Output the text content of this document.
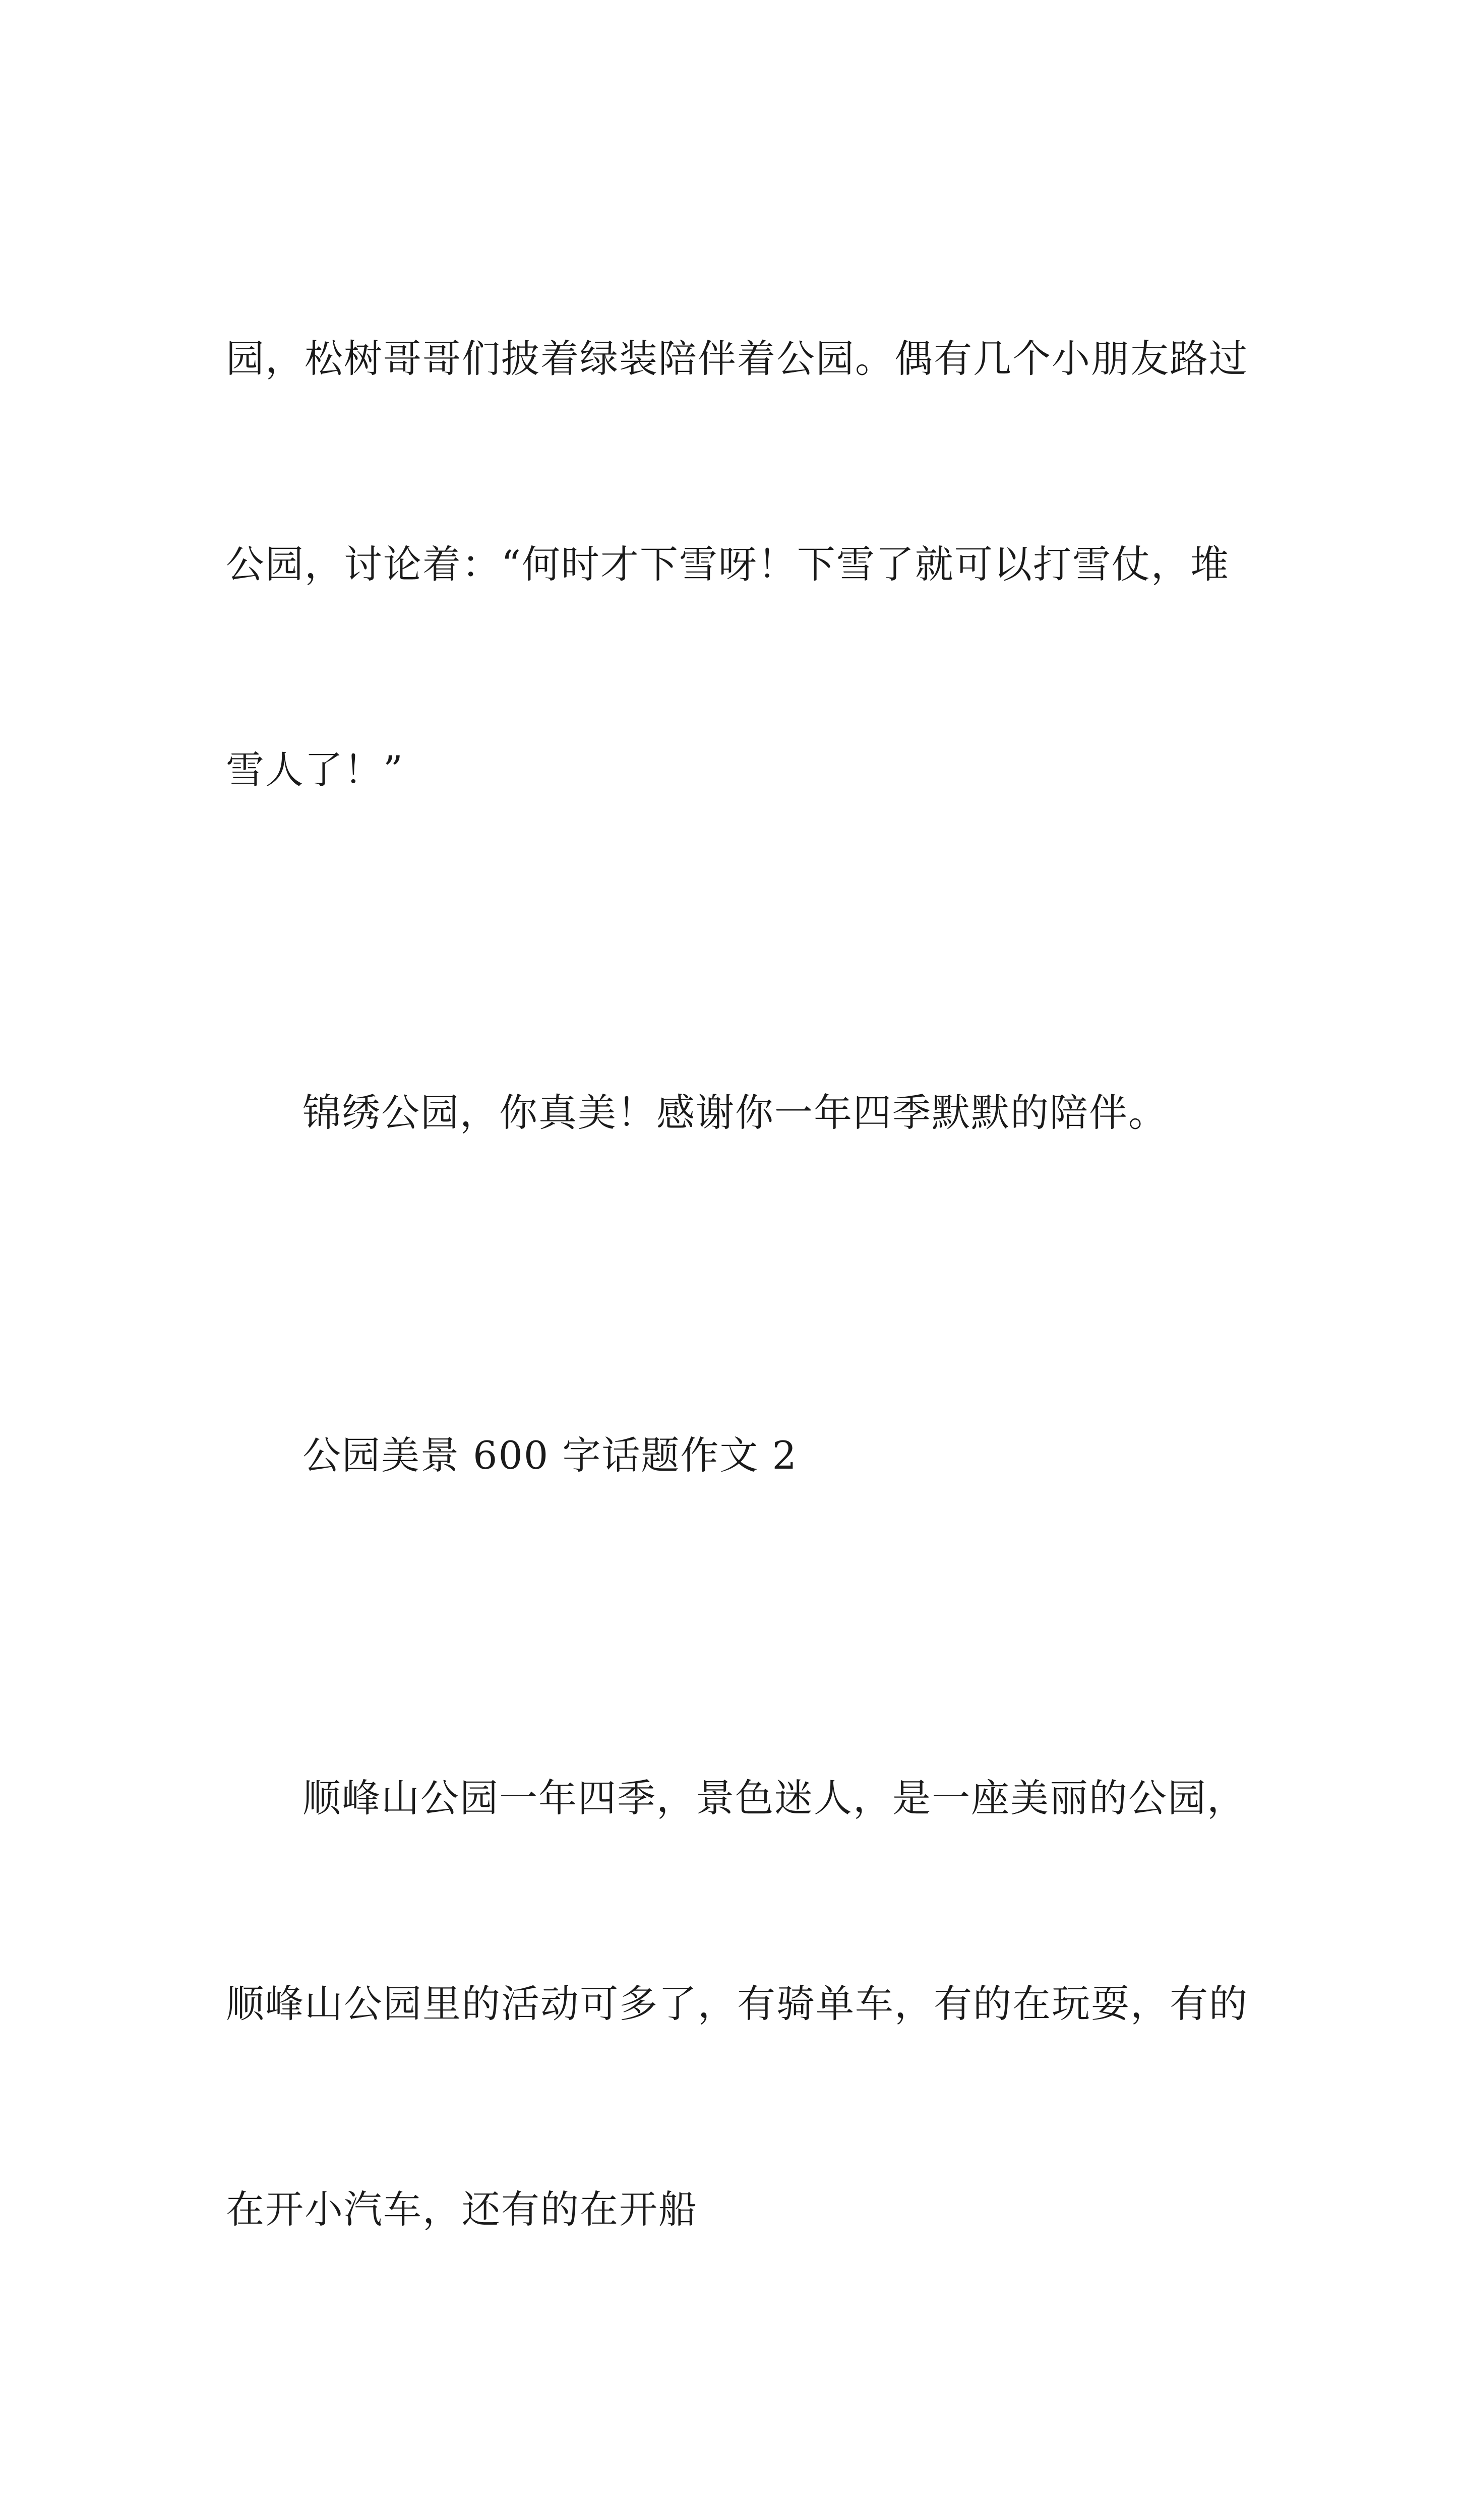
园，松树哥哥们披着绿装陪伴着公园。偶有几个小朋友路过

公园，讨论着：“何时才下雪呀！下雪了就可以打雪仗，堆

雪人了！”

锦绣公园，你真美！感谢你一年四季默默的陪伴。

公园美景 600 字话题作文 2

顺峰山公园一年四季，景色迷人，是一座美丽的公园，

顺峰山公园里的活动可多了，有骑单车，有的在玩耍，有的

在开小汽车，还有的在开船
